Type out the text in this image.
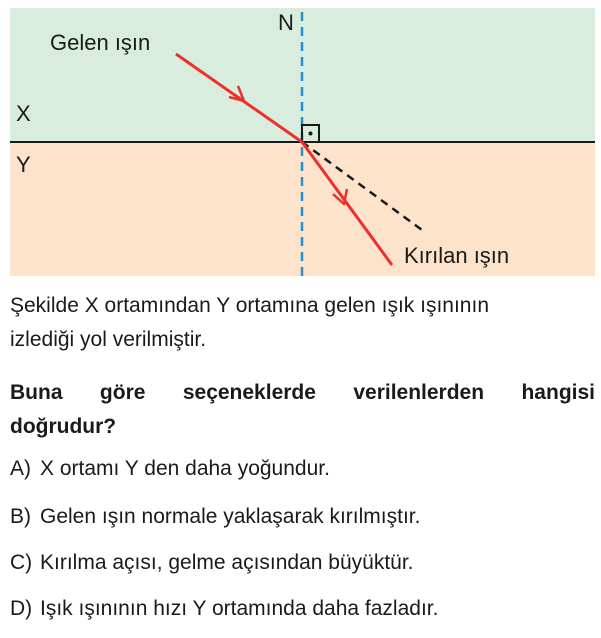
N
Gelen ışın
Kırılan ışın
X
Y

Şekilde X ortamından Y ortamına gelen ışık ışınının
izlediği yol verilmiştir.

Buna göre seçeneklerde verilenlerden hangisi
doğrudur?

A) X ortamı Y den daha yoğundur.
B) Gelen ışın normale yaklaşarak kırılmıştır.
C) Kırılma açısı, gelme açısından büyüktür.
D) Işık ışınının hızı Y ortamında daha fazladır.
